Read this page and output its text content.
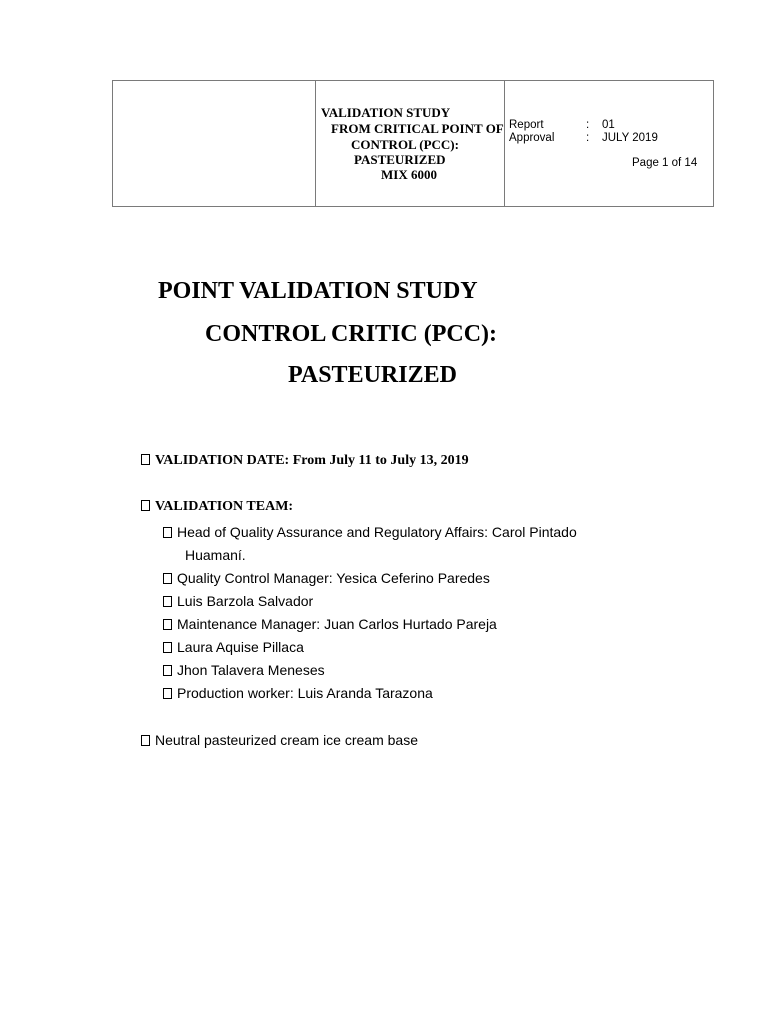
VALIDATION STUDY
FROM CRITICAL POINT OF
CONTROL (PCC):
PASTEURIZED
MIX 6000
Report	: 01
Approval	: JULY 2019
Page 1 of 14
POINT VALIDATION STUDY
CONTROL CRITIC (PCC):
PASTEURIZED
VALIDATION DATE: From July 11 to July 13, 2019
VALIDATION TEAM:
Head of Quality Assurance and Regulatory Affairs: Carol Pintado
Huamaní.
Quality Control Manager: Yesica Ceferino Paredes
Luis Barzola Salvador
Maintenance Manager: Juan Carlos Hurtado Pareja
Laura Aquise Pillaca
Jhon Talavera Meneses
Production worker: Luis Aranda Tarazona
Neutral pasteurized cream ice cream base
